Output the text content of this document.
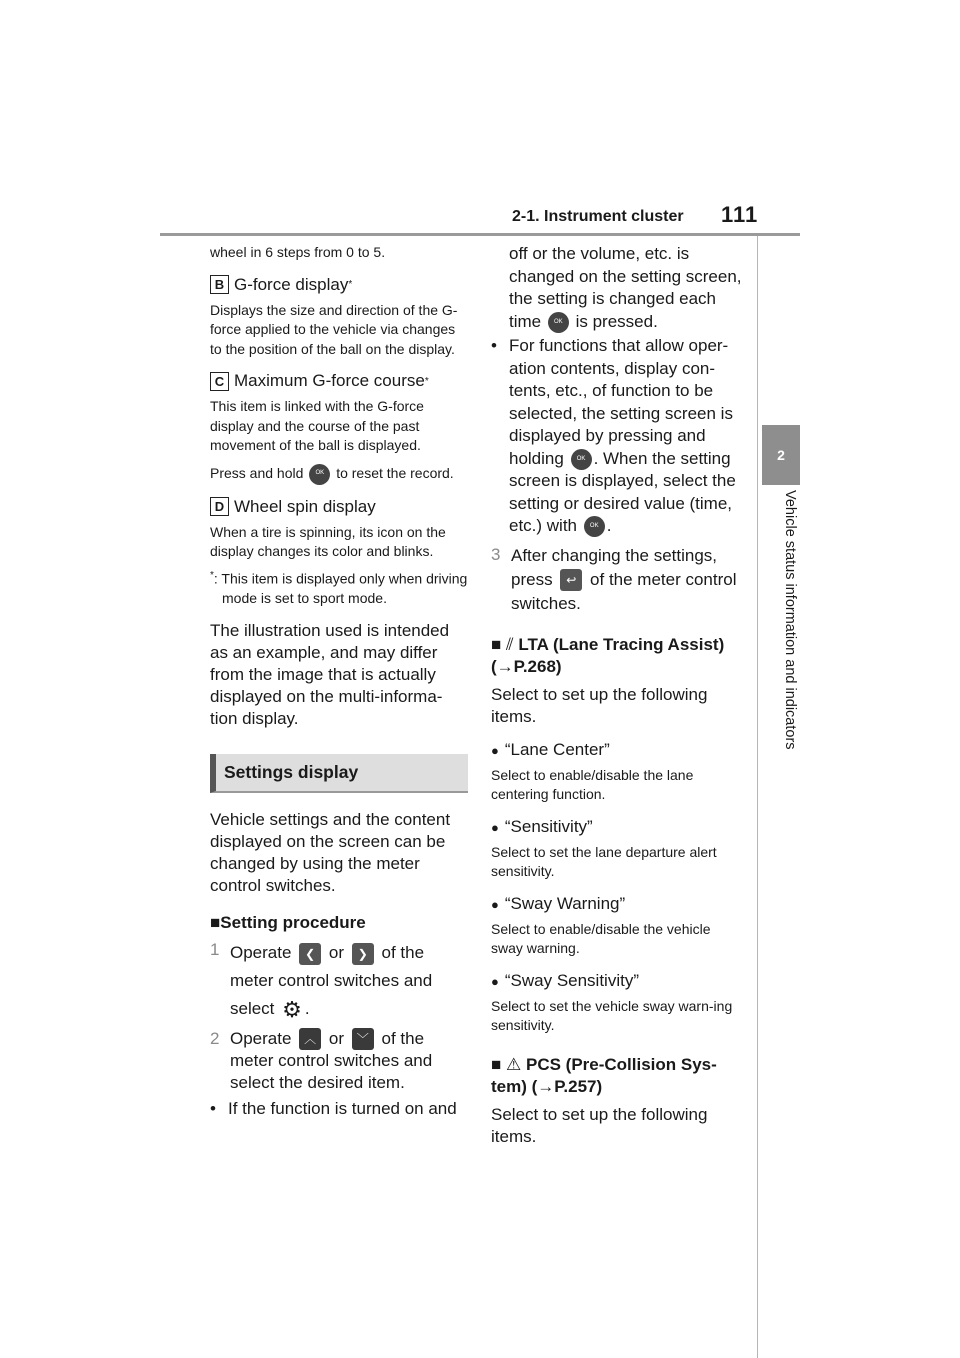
2-1. Instrument cluster 111
2
Vehicle status information and indicators

wheel in 6 steps from 0 to 5.

B G-force display *

Displays the size and direction of the G-force applied to the vehicle via changes to the position of the ball on the display.

C Maximum G-force course *

This item is linked with the G-force display and the course of the past movement of the ball is displayed.

Press and hold OK to reset the record.

D Wheel spin display

When a tire is spinning, its icon on the display changes its color and blinks.

*: This item is displayed only when driving mode is set to sport mode.

The illustration used is intended as an example, and may differ from the image that is actually displayed on the multi-informa-tion display.

Settings display

Vehicle settings and the content displayed on the screen can be changed by using the meter control switches.

■Setting procedure
1 Operate ❮ or ❯ of the meter control switches and select ⚙ .
2 Operate ︿ or ﹀ of the meter control switches and select the desired item.
• If the function is turned on and

off or the volume, etc. is changed on the setting screen, the setting is changed each time OK is pressed.

• For functions that allow oper-ation contents, display con-tents, etc., of function to be selected, the setting screen is displayed by pressing and holding OK . When the setting screen is displayed, select the setting or desired value (time, etc.) with OK .
3 After changing the settings, press ↩ of the meter control switches.
■ ⫽ LTA (Lane Tracing Assist) (→P.268)

Select to set up the following items.

● “Lane Center”

Select to enable/disable the lane centering function.

● “Sensitivity”

Select to set the lane departure alert sensitivity.

● “Sway Warning”

Select to enable/disable the vehicle sway warning.

● “Sway Sensitivity”

Select to set the vehicle sway warn-ing sensitivity.

■ ⚠ PCS (Pre-Collision Sys-tem) (→P.257)

Select to set up the following items.
